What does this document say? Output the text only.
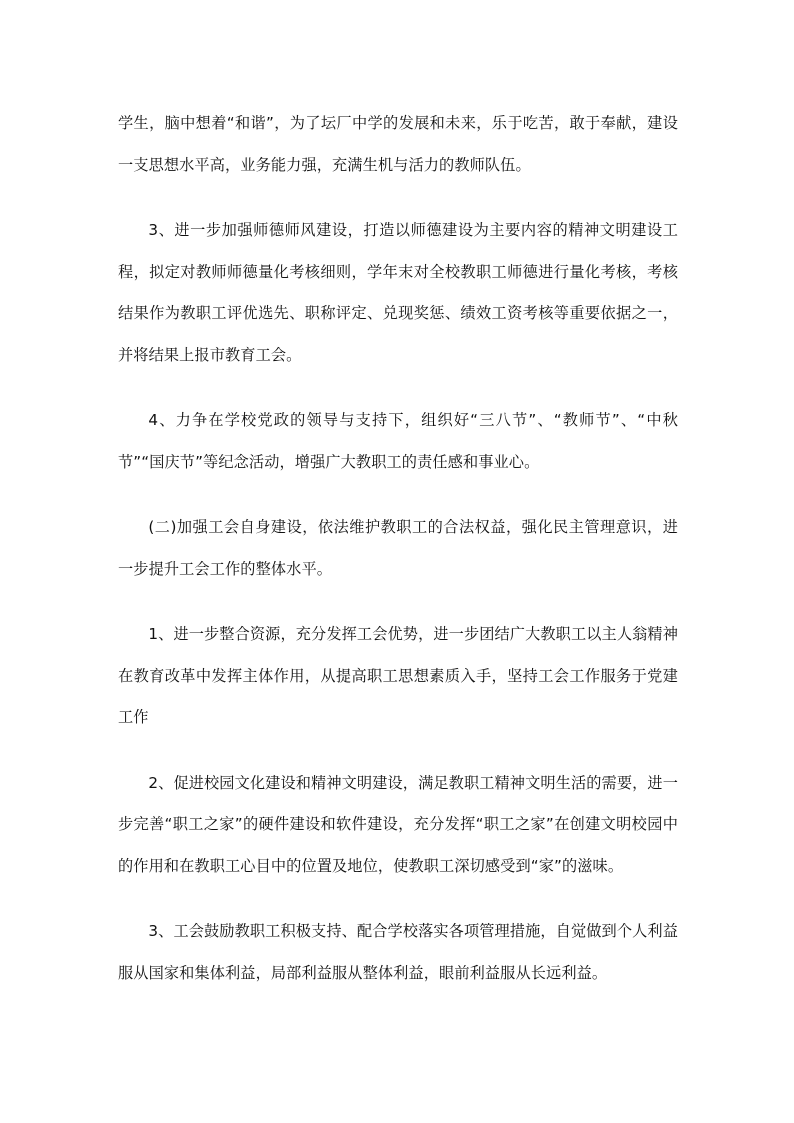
学生，脑中想着“和谐”，为了坛厂中学的发展和未来，乐于吃苦，敢于奉献，建设一支思想水平高，业务能力强，充满生机与活力的教师队伍。

3、进一步加强师德师风建设，打造以师德建设为主要内容的精神文明建设工程，拟定对教师师德量化考核细则，学年末对全校教职工师德进行量化考核，考核结果作为教职工评优选先、职称评定、兑现奖惩、绩效工资考核等重要依据之一，并将结果上报市教育工会。

4、力争在学校党政的领导与支持下，组织好“三八节”、“教师节”、“中秋节”“国庆节”等纪念活动，增强广大教职工的责任感和事业心。

(二)加强工会自身建设，依法维护教职工的合法权益，强化民主管理意识，进一步提升工会工作的整体水平。

1、进一步整合资源，充分发挥工会优势，进一步团结广大教职工以主人翁精神在教育改革中发挥主体作用，从提高职工思想素质入手，坚持工会工作服务于党建工作

2、促进校园文化建设和精神文明建设，满足教职工精神文明生活的需要，进一步完善“职工之家”的硬件建设和软件建设，充分发挥“职工之家”在创建文明校园中的作用和在教职工心目中的位置及地位，使教职工深切感受到“家”的滋味。

3、工会鼓励教职工积极支持、配合学校落实各项管理措施，自觉做到个人利益服从国家和集体利益，局部利益服从整体利益，眼前利益服从长远利益。
